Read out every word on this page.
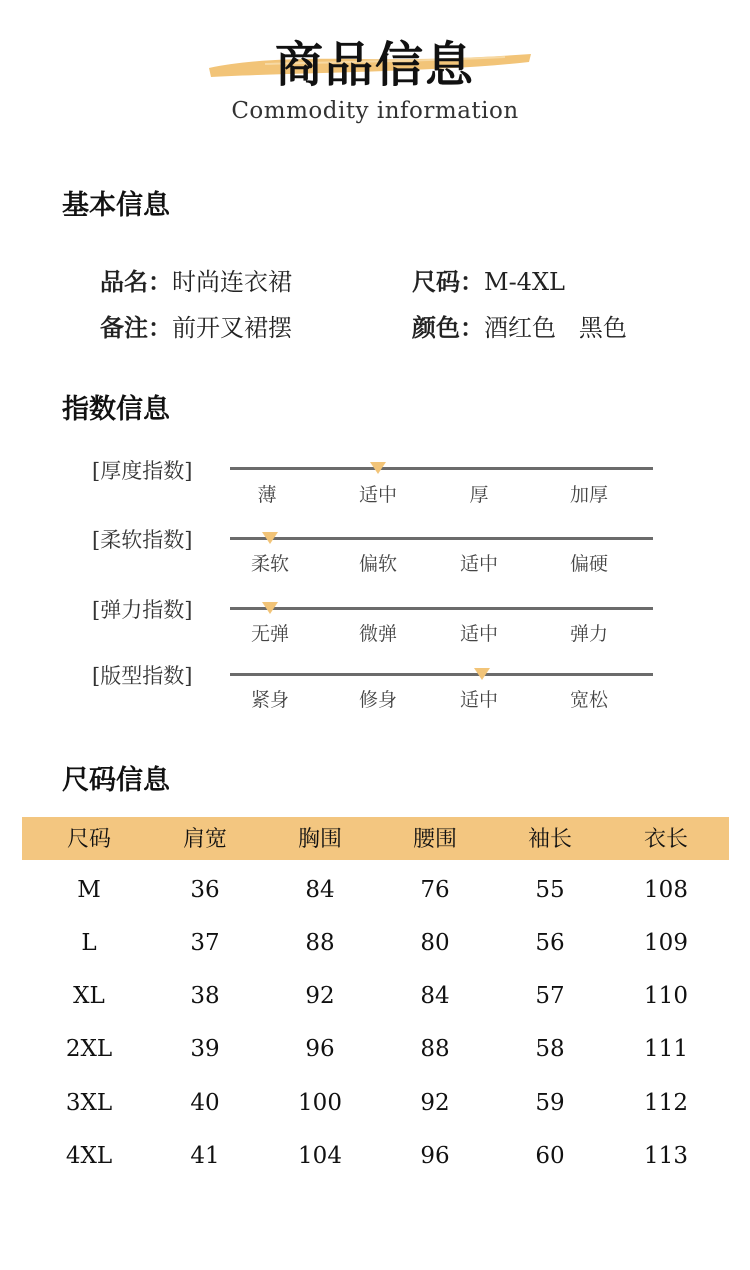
商品信息
Commodity information
基本信息
品名：时尚连衣裙	尺码：M-4XL
备注：前开叉裙摆	颜色：酒红色   黑色
指数信息
[厚度指数]
薄	适中	厚	加厚
[柔软指数]
柔软	偏软	适中	偏硬
[弹力指数]
无弹	微弹	适中	弹力
[版型指数]
紧身	修身	适中	宽松
尺码信息
尺码	肩宽	胸围	腰围	袖长	衣长
M	36	84	76	55	108
L	37	88	80	56	109
XL	38	92	84	57	110
2XL	39	96	88	58	111
3XL	40	100	92	59	112
4XL	41	104	96	60	113
